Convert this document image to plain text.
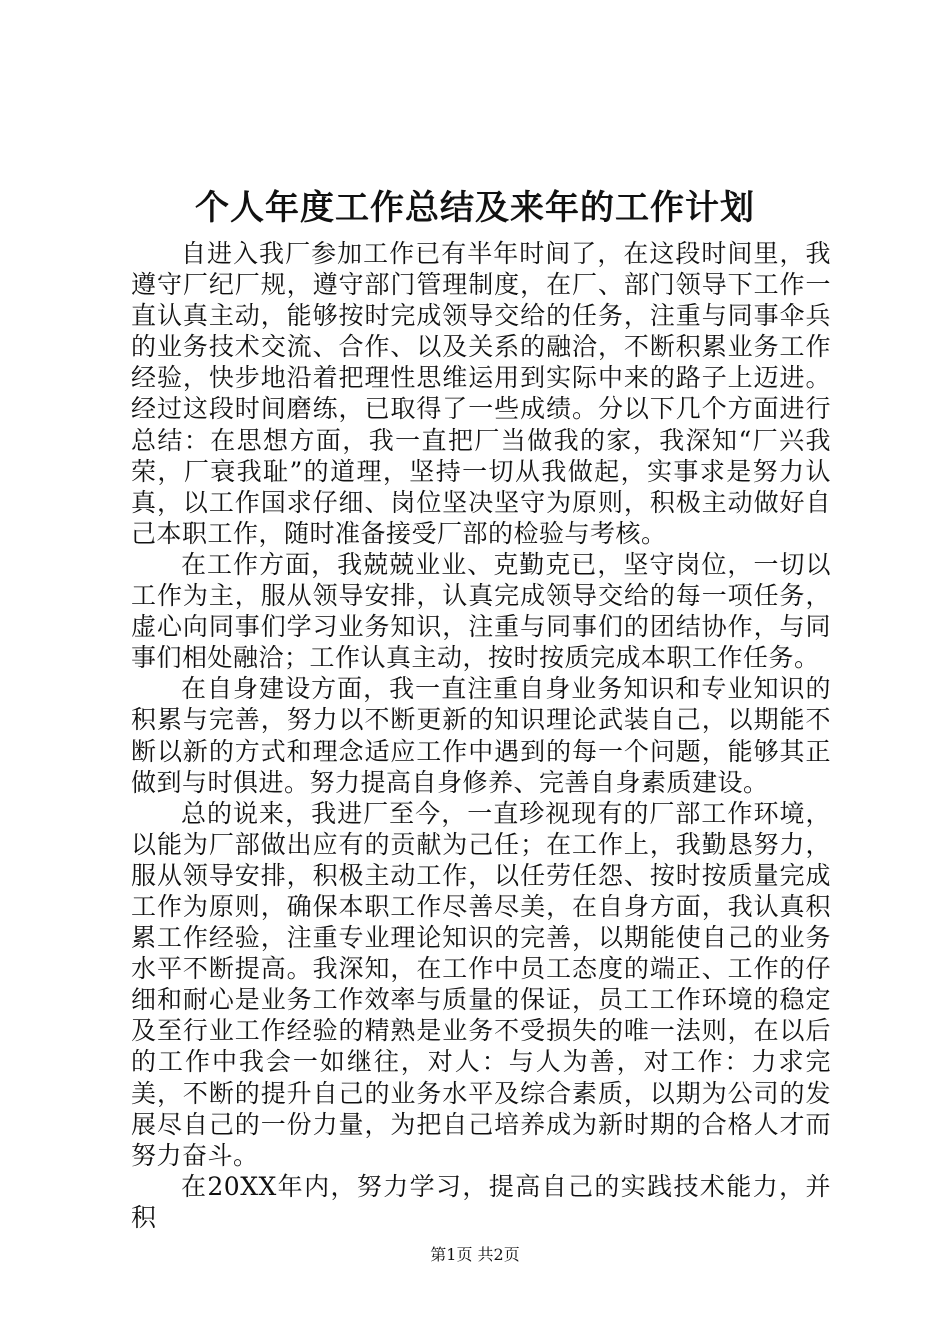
个人年度工作总结及来年的工作计划

自进入我厂参加工作已有半年时间了，在这段时间里，我遵守厂纪厂规，遵守部门管理制度，在厂、部门领导下工作一直认真主动，能够按时完成领导交给的任务，注重与同事伞兵的业务技术交流、合作、以及关系的融洽，不断积累业务工作经验，快步地沿着把理性思维运用到实际中来的路子上迈进。经过这段时间磨练，已取得了一些成绩。分以下几个方面进行总结：在思想方面，我一直把厂当做我的家，我深知“厂兴我荣，厂衰我耻”的道理，坚持一切从我做起，实事求是努力认真，以工作国求仔细、岗位坚决坚守为原则，积极主动做好自己本职工作，随时准备接受厂部的检验与考核。

在工作方面，我兢兢业业、克勤克已，坚守岗位，一切以工作为主，服从领导安排，认真完成领导交给的每一项任务，虚心向同事们学习业务知识，注重与同事们的团结协作，与同事们相处融洽；工作认真主动，按时按质完成本职工作任务。

在自身建设方面，我一直注重自身业务知识和专业知识的积累与完善，努力以不断更新的知识理论武装自己，以期能不断以新的方式和理念适应工作中遇到的每一个问题，能够其正做到与时俱进。努力提高自身修养、完善自身素质建设。

总的说来，我进厂至今，一直珍视现有的厂部工作环境，以能为厂部做出应有的贡献为己任；在工作上，我勤恳努力，服从领导安排，积极主动工作，以任劳任怨、按时按质量完成工作为原则，确保本职工作尽善尽美，在自身方面，我认真积累工作经验，注重专业理论知识的完善，以期能使自己的业务水平不断提高。我深知，在工作中员工态度的端正、工作的仔细和耐心是业务工作效率与质量的保证，员工工作环境的稳定及至行业工作经验的精熟是业务不受损失的唯一法则，在以后的工作中我会一如继往，对人：与人为善，对工作：力求完美，不断的提升自己的业务水平及综合素质，以期为公司的发展尽自己的一份力量，为把自己培养成为新时期的合格人才而努力奋斗。

在20XX年内，努力学习，提高自己的实践技术能力，并积

第1页 共2页
